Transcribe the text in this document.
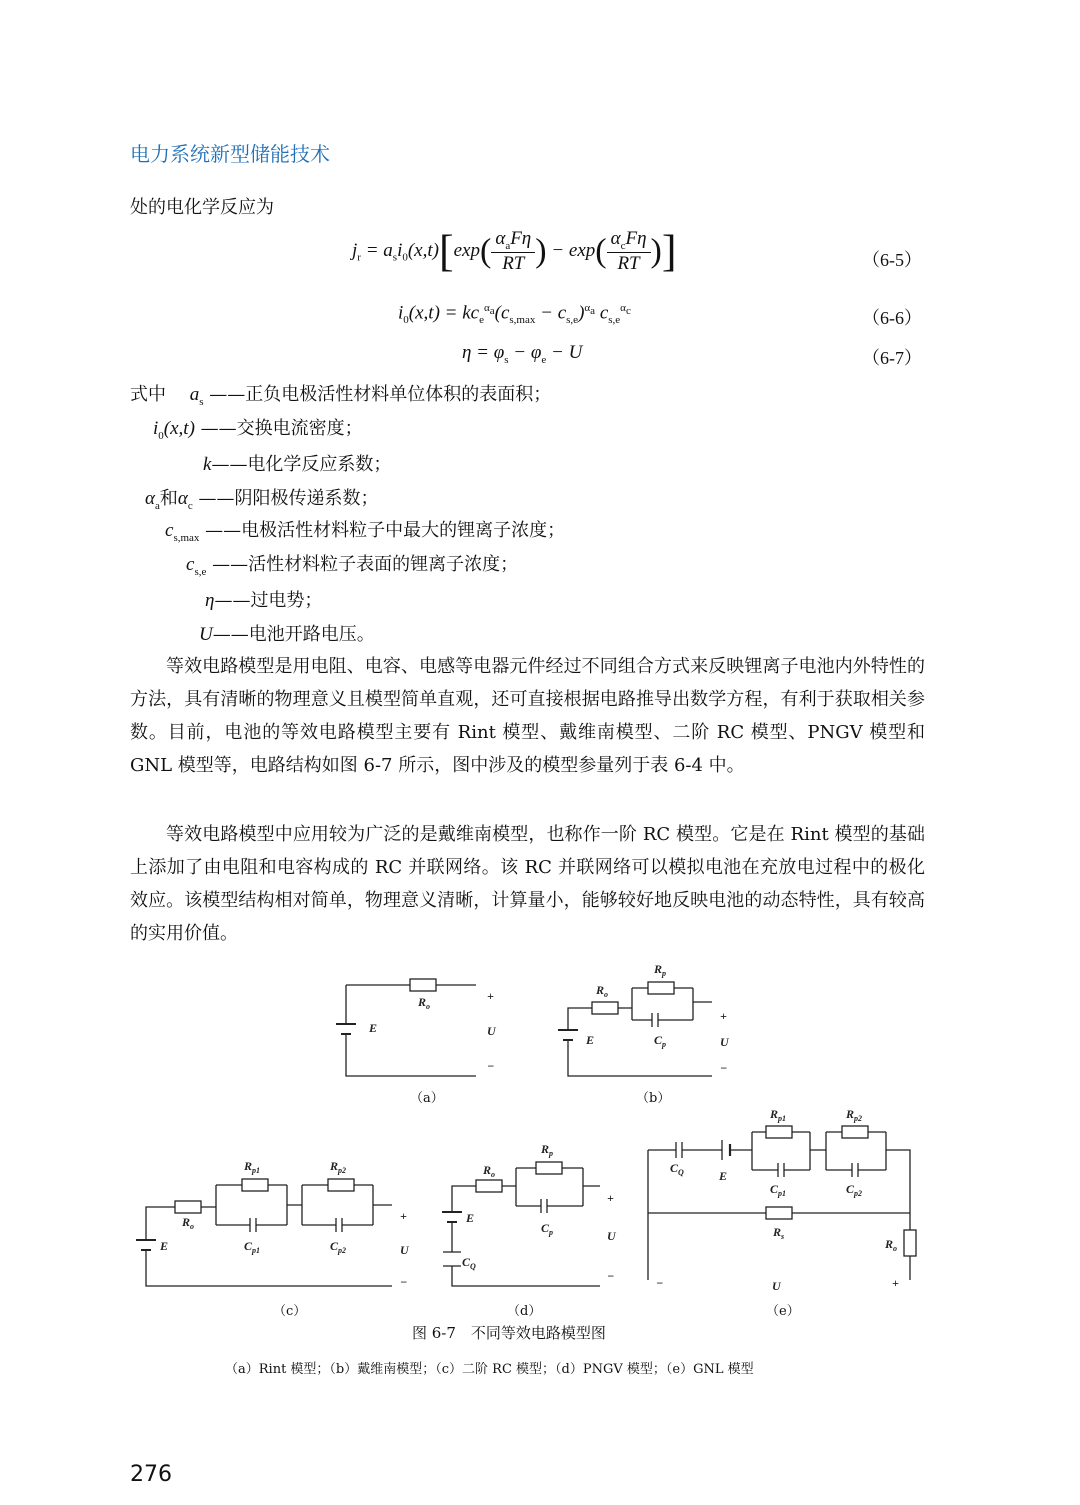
电力系统新型储能技术
处的电化学反应为
$j_r = a_si_0(x,t)[\exp( \frac{\alpha_aF\eta}{RT}$ ) − $\exp( \frac{\alpha_cF\eta}{RT}$ )]	（6-5）
$i_0(x,t) = kc_e^{\alpha_a}(c_{s,max} - c_{s,e})^{\alpha_a}$ $c_{s,e}^{\alpha_c}$	（6-6）
$\eta = \varphi_s - \varphi_e - U$	（6-7）
式中 $a_s$ ——正负电极活性材料单位体积的表面积；
$i_0(x,t)$ ——交换电流密度；
k——电化学反应系数；
$\alpha_a$和$\alpha_c$ ——阴阳极传递系数；
$c_{s,max}$ ——电极活性材料粒子中最大的锂离子浓度；
$c_{s,e}$ ——活性材料粒子表面的锂离子浓度；
η——过电势；
U——电池开路电压。

等效电路模型是用电阻、电容、电感等电器元件经过不同组合方式来反映锂离子电池内外特性的方法，具有清晰的物理意义且模型简单直观，还可直接根据电路推导出数学方程，有利于获取相关参数。目前，电池的等效电路模型主要有 Rint 模型、戴维南模型、二阶 RC 模型、PNGV 模型和 GNL 模型等，电路结构如图 6-7 所示，图中涉及的模型参量列于表 6-4 中。

等效电路模型中应用较为广泛的是戴维南模型，也称作一阶 RC 模型。它是在 Rint 模型的基础上添加了由电阻和电容构成的 RC 并联网络。该 RC 并联网络可以模拟电池在充放电过程中的极化效应。该模型结构相对简单，物理意义清晰，计算量小，能够较好地反映电池的动态特性，具有较高的实用价值。

$R_o$
E
+
U
−
$R_o$
$R_p$
$C_p$
E
+
U
−
$R_o$
$R_{p1}$	$R_{p2}$
$C_{p1}$	$C_{p2}$
E
+
U
−
$R_o$
$R_p$
$C_p$
E
$C_Q$
+
U
−
$C_Q$	E
$R_{p1}$	$R_{p2}$
$C_{p1}$	$C_{p2}$
$R_s$
$R_o$
−	U	+
（a）	（b）
（c）	（d）	（e）
图 6-7　不同等效电路模型图
（a）Rint 模型；（b）戴维南模型；（c）二阶 RC 模型；（d）PNGV 模型；（e）GNL 模型
276
